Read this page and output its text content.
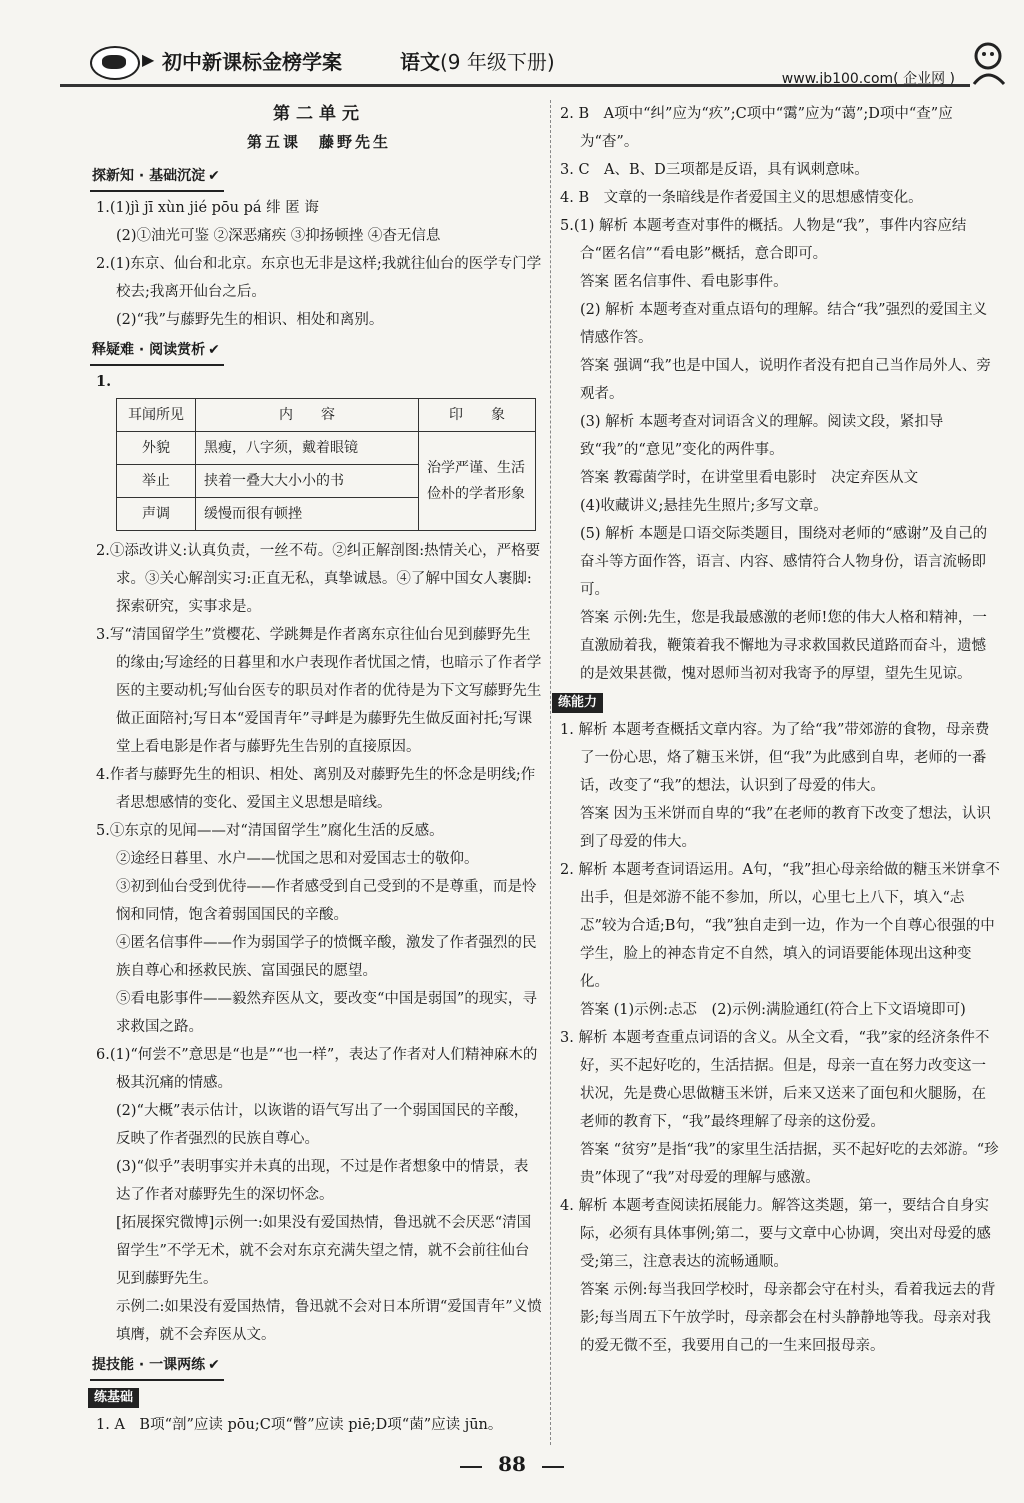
▶ 初中新课标金榜学案	语文(9 年级下册)
www.jb100.com( 企业网 )

第二单元

第五课　藤野先生

探新知 · 基础沉淀 ✔

1.(1)jì jī xùn jié pōu pá 绯 匿 诲

(2)①油光可鉴 ②深恶痛疾 ③抑扬顿挫 ④杳无信息

2.(1)东京、仙台和北京。东京也无非是这样;我就往仙台的医学专门学校去;我离开仙台之后。

(2)“我”与藤野先生的相识、相处和离别。

释疑难 · 阅读赏析 ✔

1.

耳闻所见	内　　容	印　　象
外貌	黑瘦，八字须，戴着眼镜	治学严谨、生活俭朴的学者形象
举止	挟着一叠大大小小的书	
声调	缓慢而很有顿挫	

2.①添改讲义:认真负责，一丝不苟。②纠正解剖图:热情关心，严格要求。③关心解剖实习:正直无私，真挚诚恳。④了解中国女人裹脚:探索研究，实事求是。

3.写“清国留学生”赏樱花、学跳舞是作者离东京往仙台见到藤野先生的缘由;写途经的日暮里和水户表现作者忧国之情，也暗示了作者学医的主要动机;写仙台医专的职员对作者的优待是为下文写藤野先生做正面陪衬;写日本“爱国青年”寻衅是为藤野先生做反面衬托;写课堂上看电影是作者与藤野先生告别的直接原因。

4.作者与藤野先生的相识、相处、离别及对藤野先生的怀念是明线;作者思想感情的变化、爱国主义思想是暗线。

5.①东京的见闻——对“清国留学生”腐化生活的反感。

②途经日暮里、水户——忧国之思和对爱国志士的敬仰。

③初到仙台受到优待——作者感受到自己受到的不是尊重，而是怜悯和同情，饱含着弱国国民的辛酸。

④匿名信事件——作为弱国学子的愤慨辛酸，激发了作者强烈的民族自尊心和拯救民族、富国强民的愿望。

⑤看电影事件——毅然弃医从文，要改变“中国是弱国”的现实，寻求救国之路。

6.(1)“何尝不”意思是“也是”“也一样”，表达了作者对人们精神麻木的极其沉痛的情感。

(2)“大概”表示估计，以诙谐的语气写出了一个弱国国民的辛酸，反映了作者强烈的民族自尊心。

(3)“似乎”表明事实并未真的出现，不过是作者想象中的情景，表达了作者对藤野先生的深切怀念。

[拓展探究微博]示例一:如果没有爱国热情，鲁迅就不会厌恶“清国留学生”不学无术，就不会对东京充满失望之情，就不会前往仙台见到藤野先生。

示例二:如果没有爱国热情，鲁迅就不会对日本所谓“爱国青年”义愤填膺，就不会弃医从文。

提技能 · 一课两练 ✔
练基础

1. A　B项“剖”应读 pōu;C项“瞥”应读 piē;D项“菌”应读 jūn。

2. B　A项中“纠”应为“疚”;C项中“霭”应为“蔼”;D项中“查”应为“杳”。

3. C　A、B、D三项都是反语，具有讽刺意味。

4. B　文章的一条暗线是作者爱国主义的思想感情变化。

5.(1) 解析 本题考查对事件的概括。人物是“我”，事件内容应结合“匿名信”“看电影”概括，意合即可。

答案 匿名信事件、看电影事件。

(2) 解析 本题考查对重点语句的理解。结合“我”强烈的爱国主义情感作答。

答案 强调“我”也是中国人，说明作者没有把自己当作局外人、旁观者。

(3) 解析 本题考查对词语含义的理解。阅读文段，紧扣导致“我”的“意见”变化的两件事。

答案 教霉菌学时，在讲堂里看电影时　决定弃医从文

(4)收藏讲义;悬挂先生照片;多写文章。

(5) 解析 本题是口语交际类题目，围绕对老师的“感谢”及自己的奋斗等方面作答，语言、内容、感情符合人物身份，语言流畅即可。

答案 示例:先生，您是我最感激的老师!您的伟大人格和精神，一直激励着我，鞭策着我不懈地为寻求救国救民道路而奋斗，遗憾的是效果甚微，愧对恩师当初对我寄予的厚望，望先生见谅。

练能力

1. 解析 本题考查概括文章内容。为了给“我”带郊游的食物，母亲费了一份心思，烙了糖玉米饼，但“我”为此感到自卑，老师的一番话，改变了“我”的想法，认识到了母爱的伟大。

答案 因为玉米饼而自卑的“我”在老师的教育下改变了想法，认识到了母爱的伟大。

2. 解析 本题考查词语运用。A句，“我”担心母亲给做的糖玉米饼拿不出手，但是郊游不能不参加，所以，心里七上八下，填入“忐忑”较为合适;B句，“我”独自走到一边，作为一个自尊心很强的中学生，脸上的神态肯定不自然，填入的词语要能体现出这种变化。

答案 (1)示例:忐忑　(2)示例:满脸通红(符合上下文语境即可)

3. 解析 本题考查重点词语的含义。从全文看，“我”家的经济条件不好，买不起好吃的，生活拮据。但是，母亲一直在努力改变这一状况，先是费心思做糖玉米饼，后来又送来了面包和火腿肠，在老师的教育下，“我”最终理解了母亲的这份爱。

答案 “贫穷”是指“我”的家里生活拮据，买不起好吃的去郊游。“珍贵”体现了“我”对母爱的理解与感激。

4. 解析 本题考查阅读拓展能力。解答这类题，第一，要结合自身实际，必须有具体事例;第二，要与文章中心协调，突出对母爱的感受;第三，注意表达的流畅通顺。

答案 示例:每当我回学校时，母亲都会守在村头，看着我远去的背影;每当周五下午放学时，母亲都会在村头静静地等我。母亲对我的爱无微不至，我要用自己的一生来回报母亲。

88
